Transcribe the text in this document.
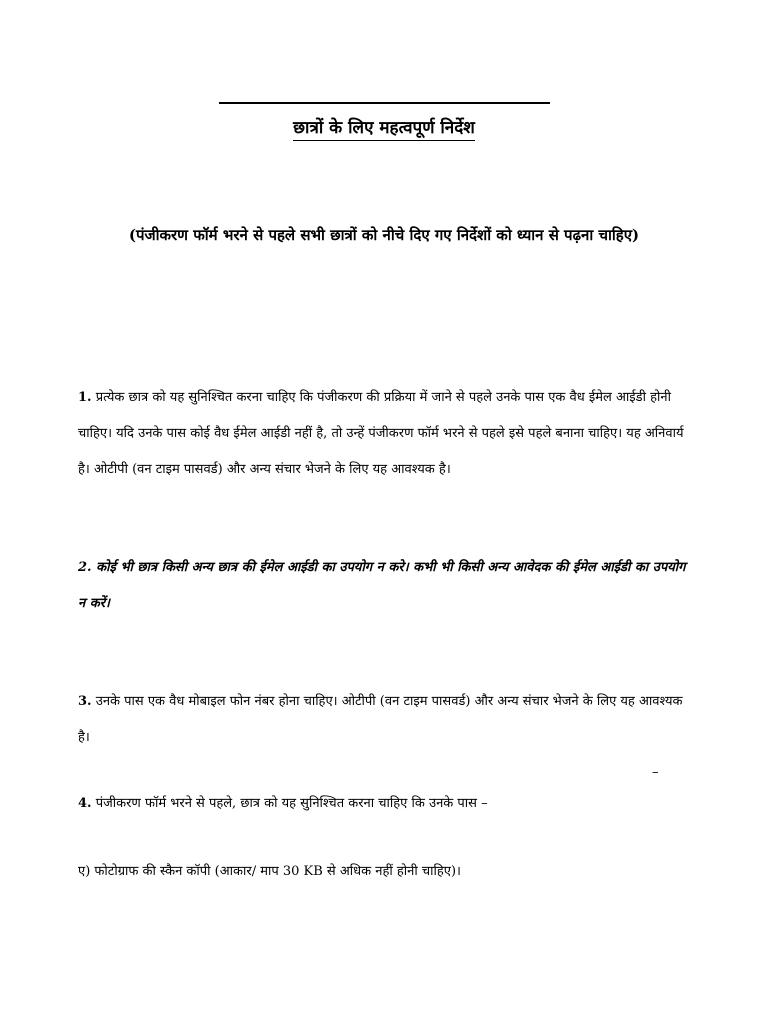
छात्रों के लिए महत्वपूर्ण निर्देश
(पंजीकरण फॉर्म भरने से पहले सभी छात्रों को नीचे दिए गए निर्देशों को ध्यान से पढ़ना चाहिए)

1. प्रत्येक छात्र को यह सुनिश्चित करना चाहिए कि पंजीकरण की प्रक्रिया में जाने से पहले उनके पास एक वैध ईमेल आईडी होनी चाहिए। यदि उनके पास कोई वैध ईमेल आईडी नहीं है, तो उन्हें पंजीकरण फॉर्म भरने से पहले इसे पहले बनाना चाहिए। यह अनिवार्य है। ओटीपी (वन टाइम पासवर्ड) और अन्य संचार भेजने के लिए यह आवश्यक है।

2. कोई भी छात्र किसी अन्य छात्र की ईमेल आईडी का उपयोग न करे। कभी भी किसी अन्य आवेदक की ईमेल आईडी का उपयोग न करें।

3. उनके पास एक वैध मोबाइल फोन नंबर होना चाहिए। ओटीपी (वन टाइम पासवर्ड) और अन्य संचार भेजने के लिए यह आवश्यक है।

–

4. पंजीकरण फॉर्म भरने से पहले, छात्र को यह सुनिश्चित करना चाहिए कि उनके पास –

ए) फोटोग्राफ की स्कैन कॉपी (आकार/ माप 30 KB से अधिक नहीं होनी चाहिए)।
